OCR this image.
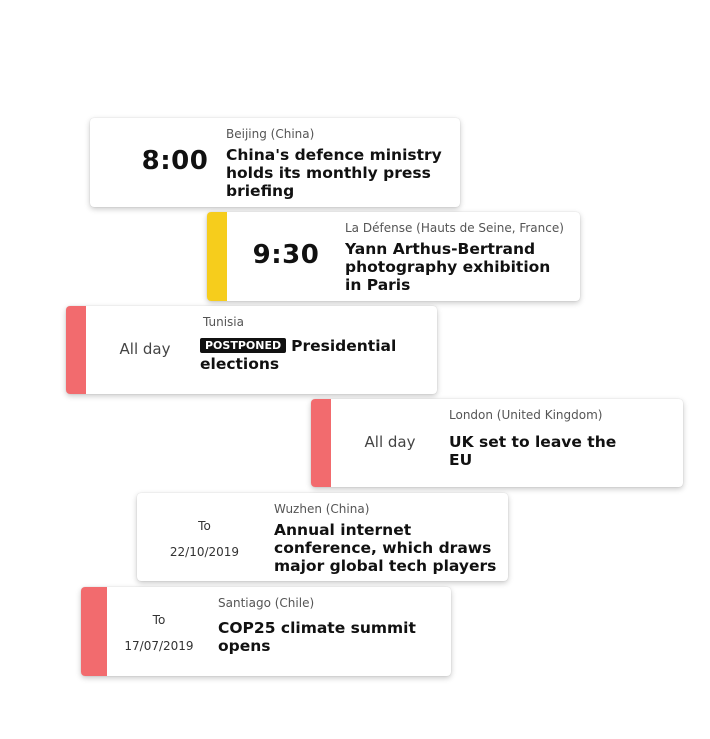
8:00
Beijing (China)
China's defence ministry holds its monthly press briefing
9:30
La Défense (Hauts de Seine, France)
Yann Arthus-Bertrand photography exhibition in Paris
All day
Tunisia
POSTPONED Presidential elections
All day
London (United Kingdom)
UK set to leave the EU
To
22/10/2019
Wuzhen (China)
Annual internet conference, which draws major global tech players
To
17/07/2019
Santiago (Chile)
COP25 climate summit opens
